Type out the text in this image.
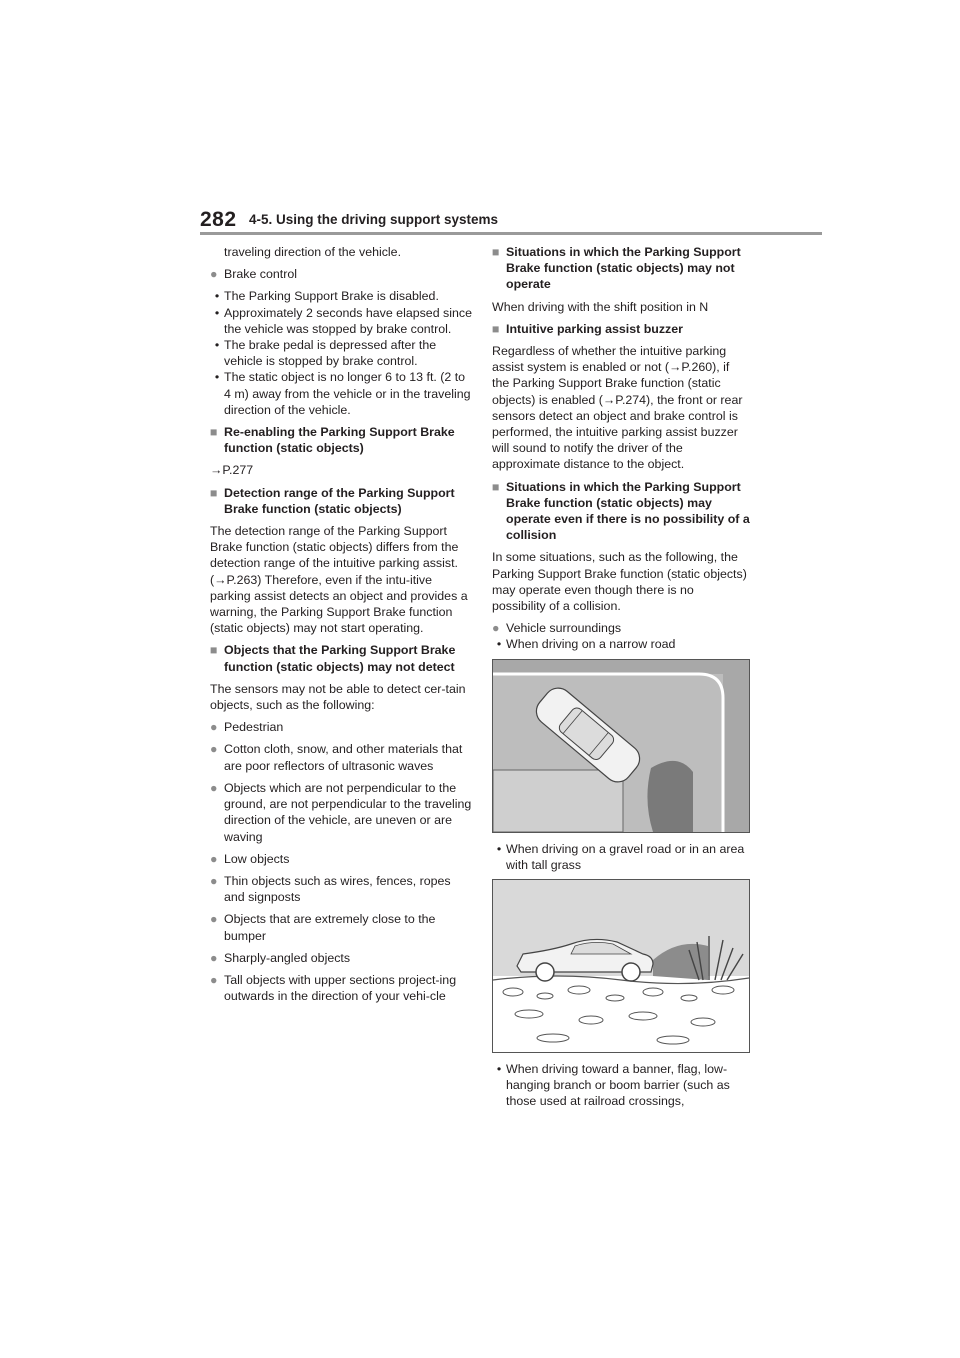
282 4-5. Using the driving support systems

traveling direction of the vehicle.

● Brake control
• The Parking Support Brake is disabled.
• Approximately 2 seconds have elapsed since the vehicle was stopped by brake control.
• The brake pedal is depressed after the vehicle is stopped by brake control.
• The static object is no longer 6 to 13 ft. (2 to 4 m) away from the vehicle or in the traveling direction of the vehicle.
■ Re-enabling the Parking Support Brake function (static objects)

→P.277

■ Detection range of the Parking Support Brake function (static objects)

The detection range of the Parking Support Brake function (static objects) differs from the detection range of the intuitive parking assist. (→P.263) Therefore, even if the intu-itive parking assist detects an object and provides a warning, the Parking Support Brake function (static objects) may not start operating.

■ Objects that the Parking Support Brake function (static objects) may not detect

The sensors may not be able to detect cer-tain objects, such as the following:

● Pedestrian
● Cotton cloth, snow, and other materials that are poor reflectors of ultrasonic waves
● Objects which are not perpendicular to the ground, are not perpendicular to the traveling direction of the vehicle, are uneven or are waving
● Low objects
● Thin objects such as wires, fences, ropes and signposts
● Objects that are extremely close to the bumper
● Sharply-angled objects
● Tall objects with upper sections project-ing outwards in the direction of your vehi-cle
■ Situations in which the Parking Support Brake function (static objects) may not operate

When driving with the shift position in N

■ Intuitive parking assist buzzer

Regardless of whether the intuitive parking assist system is enabled or not (→P.260), if the Parking Support Brake function (static objects) is enabled (→P.274), the front or rear sensors detect an object and brake control is performed, the intuitive parking assist buzzer will sound to notify the driver of the approximate distance to the object.

■ Situations in which the Parking Support Brake function (static objects) may operate even if there is no possibility of a collision

In some situations, such as the following, the Parking Support Brake function (static objects) may operate even though there is no possibility of a collision.

● Vehicle surroundings
• When driving on a narrow road
• When driving on a gravel road or in an area with tall grass
• When driving toward a banner, flag, low-hanging branch or boom barrier (such as those used at railroad crossings,
